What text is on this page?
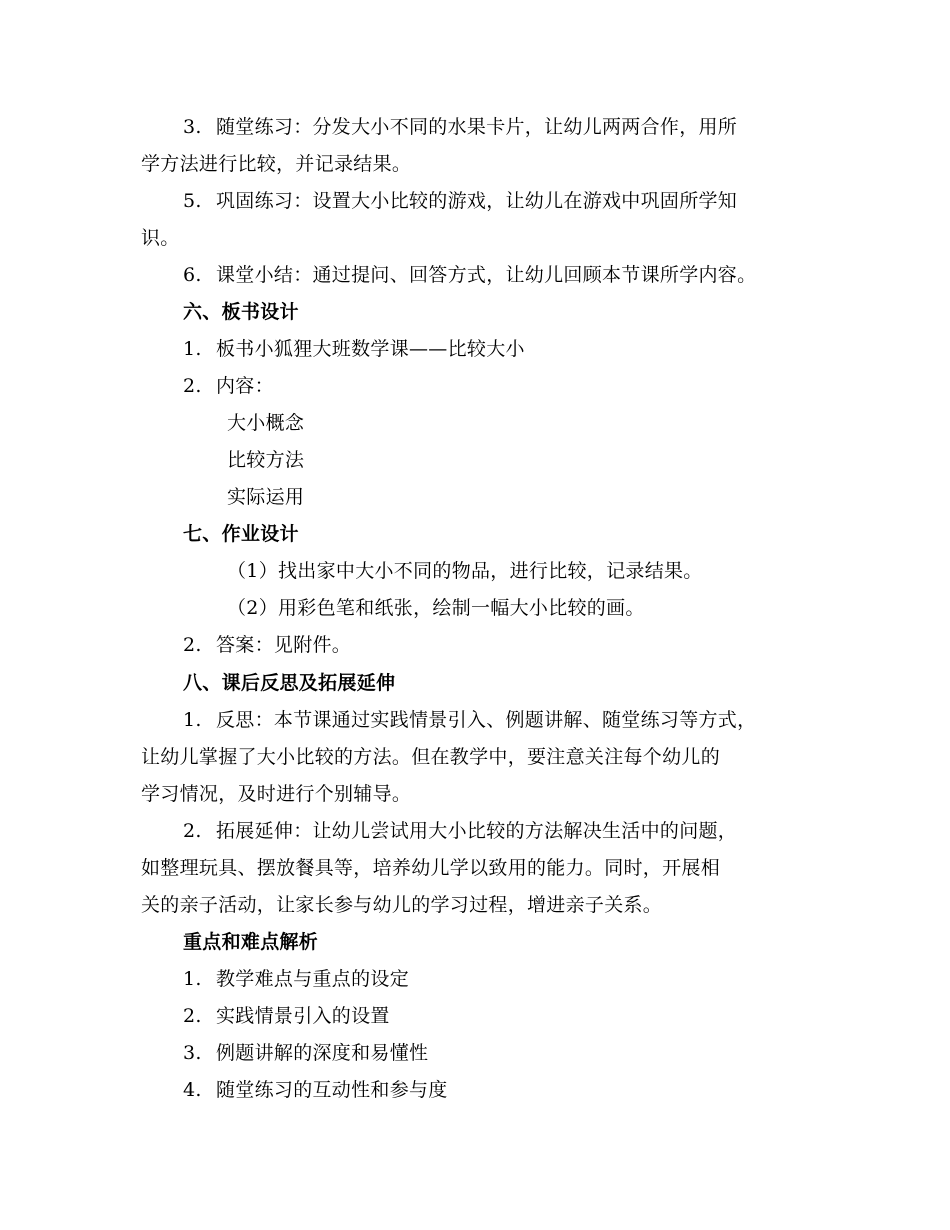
3. 随堂练习：分发大小不同的水果卡片，让幼儿两两合作，用所
学方法进行比较，并记录结果。
5. 巩固练习：设置大小比较的游戏，让幼儿在游戏中巩固所学知
识。
6. 课堂小结：通过提问、回答方式，让幼儿回顾本节课所学内容。
六、板书设计
1. 板书小狐狸大班数学课——比较大小
2. 内容：
大小概念
比较方法
实际运用
七、作业设计
（1）找出家中大小不同的物品，进行比较，记录结果。
（2）用彩色笔和纸张，绘制一幅大小比较的画。
2. 答案：见附件。
八、课后反思及拓展延伸
1. 反思：本节课通过实践情景引入、例题讲解、随堂练习等方式，
让幼儿掌握了大小比较的方法。但在教学中，要注意关注每个幼儿的
学习情况，及时进行个别辅导。
2. 拓展延伸：让幼儿尝试用大小比较的方法解决生活中的问题，
如整理玩具、摆放餐具等，培养幼儿学以致用的能力。同时，开展相
关的亲子活动，让家长参与幼儿的学习过程，增进亲子关系。
重点和难点解析
1. 教学难点与重点的设定
2. 实践情景引入的设置
3. 例题讲解的深度和易懂性
4. 随堂练习的互动性和参与度
